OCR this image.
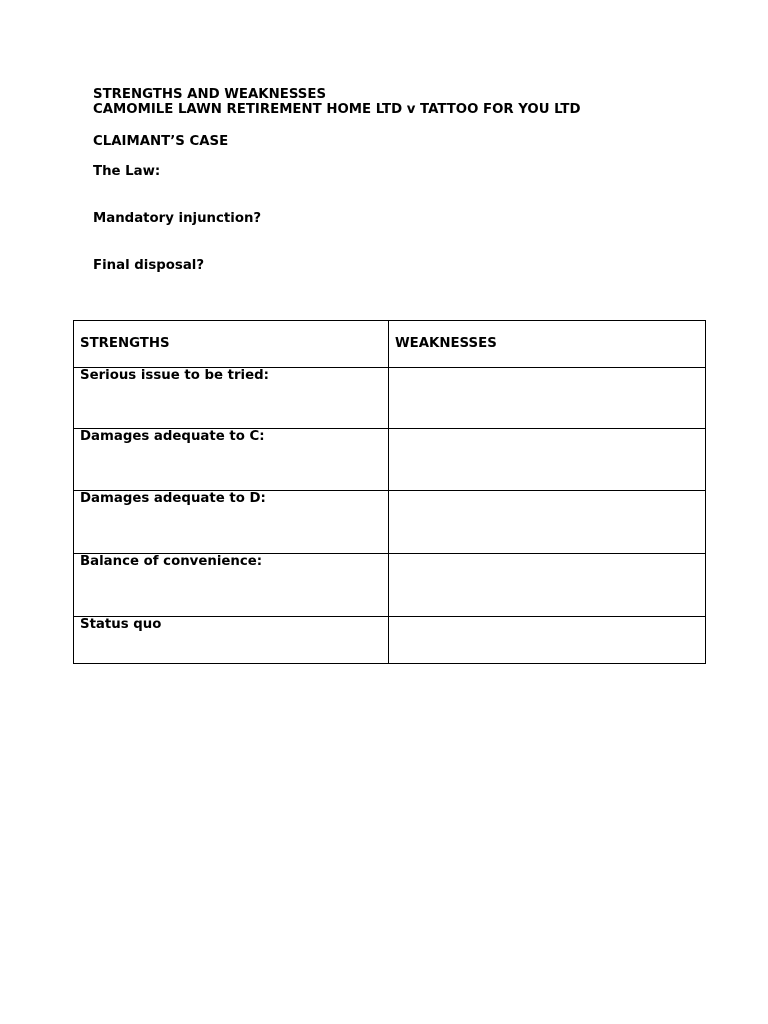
STRENGTHS AND WEAKNESSES
CAMOMILE LAWN RETIREMENT HOME LTD v TATTOO FOR YOU LTD
CLAIMANT’S CASE
The Law:
Mandatory injunction?
Final disposal?
STRENGTHS	WEAKNESSES
Serious issue to be tried:	
Damages adequate to C:	
Damages adequate to D:	
Balance of convenience:	
Status quo	
